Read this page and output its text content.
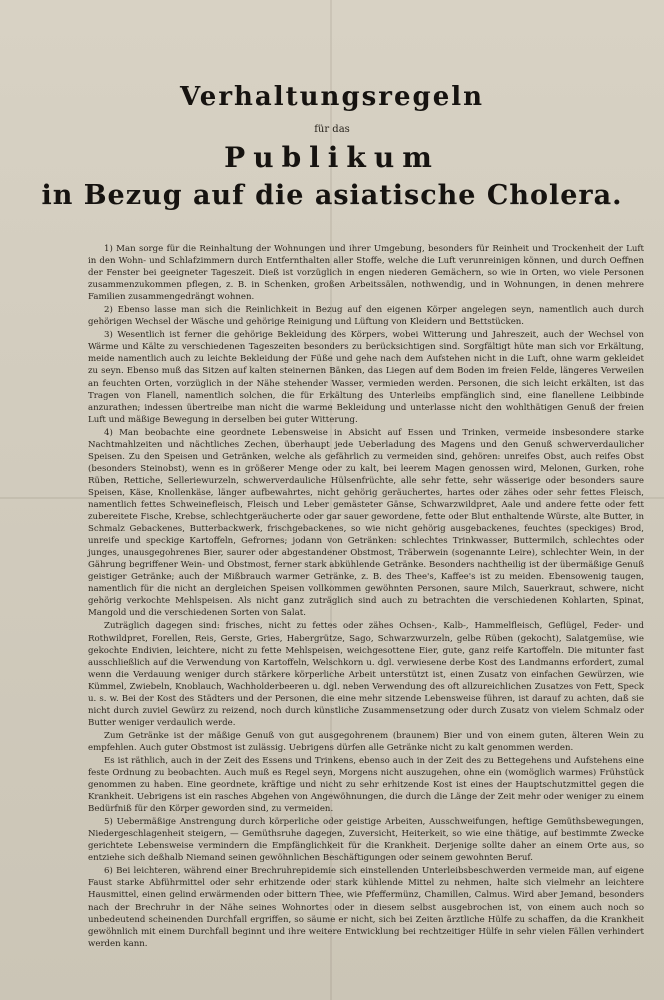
Verhaltungsregeln
für das
Publikum
in Bezug auf die asiatische Cholera.

1) Man sorge für die Reinhaltung der Wohnungen und ihrer Umgebung, besonders für Reinheit und Trockenheit der Luft in den Wohn- und Schlafzimmern durch Entfernthalten aller Stoffe, welche die Luft verunreinigen können, und durch Oeffnen der Fenster bei geeigneter Tageszeit. Dieß ist vorzüglich in engen niederen Gemächern, so wie in Orten, wo viele Personen zusammenzukommen pflegen, z. B. in Schenken, großen Arbeitssälen, nothwendig, und in Wohnungen, in denen mehrere Familien zusammengedrängt wohnen.

2) Ebenso lasse man sich die Reinlichkeit in Bezug auf den eigenen Körper angelegen seyn, namentlich auch durch gehörigen Wechsel der Wäsche und gehörige Reinigung und Lüftung von Kleidern und Bettstücken.

3) Wesentlich ist ferner die gehörige Bekleidung des Körpers, wobei Witterung und Jahreszeit, auch der Wechsel von Wärme und Kälte zu verschiedenen Tageszeiten besonders zu berücksichtigen sind. Sorgfältigt hüte man sich vor Erkältung, meide namentlich auch zu leichte Bekleidung der Füße und gehe nach dem Aufstehen nicht in die Luft, ohne warm gekleidet zu seyn. Ebenso muß das Sitzen auf kalten steinernen Bänken, das Liegen auf dem Boden im freien Felde, längeres Verweilen an feuchten Orten, vorzüglich in der Nähe stehender Wasser, vermieden werden. Personen, die sich leicht erkälten, ist das Tragen von Flanell, namentlich solchen, die für Erkältung des Unterleibs empfänglich sind, eine flanellene Leibbinde anzurathen; indessen übertreibe man nicht die warme Bekleidung und unterlasse nicht den wohlthätigen Genuß der freien Luft und mäßige Bewegung in derselben bei guter Witterung.

4) Man beobachte eine geordnete Lebensweise in Absicht auf Essen und Trinken, vermeide insbesondere starke Nachtmahlzeiten und nächtliches Zechen, überhaupt jede Ueberladung des Magens und den Genuß schwerverdaulicher Speisen. Zu den Speisen und Getränken, welche als gefährlich zu vermeiden sind, gehören: unreifes Obst, auch reifes Obst (besonders Steinobst), wenn es in größerer Menge oder zu kalt, bei leerem Magen genossen wird, Melonen, Gurken, rohe Rüben, Rettiche, Selleriewurzeln, schwerverdauliche Hülsenfrüchte, alle sehr fette, sehr wässerige oder besonders saure Speisen, Käse, Knollenkäse, länger aufbewahrtes, nicht gehörig geräuchertes, hartes oder zähes oder sehr fettes Fleisch, namentlich fettes Schweinefleisch, Fleisch und Leber gemästeter Gänse, Schwarzwildpret, Aale und andere fette oder fett zubereitete Fische, Krebse, schlechtgeräucherte oder gar sauer gewordene, fette oder Blut enthaltende Würste, alte Butter, in Schmalz Gebackenes, Butterbackwerk, frischgebackenes, so wie nicht gehörig ausgebackenes, feuchtes (speckiges) Brod, unreife und speckige Kartoffeln, Gefrornes; jodann von Getränken: schlechtes Trinkwasser, Buttermilch, schlechtes oder junges, unausgegohrenes Bier, saurer oder abgestandener Obstmost, Träberwein (sogenannte Leire), schlechter Wein, in der Gährung begriffener Wein- und Obstmost, ferner stark abkühlende Getränke. Besonders nachtheilig ist der übermäßige Genuß geistiger Getränke; auch der Mißbrauch warmer Getränke, z. B. des Thee's, Kaffee's ist zu meiden. Ebensowenig taugen, namentlich für die nicht an dergleichen Speisen vollkommen gewöhnten Personen, saure Milch, Sauerkraut, schwere, nicht gehörig verkochte Mehlspeisen. Als nicht ganz zuträglich sind auch zu betrachten die verschiedenen Kohlarten, Spinat, Mangold und die verschiedenen Sorten von Salat.

Zuträglich dagegen sind: frisches, nicht zu fettes oder zähes Ochsen-, Kalb-, Hammelfleisch, Geflügel, Feder- und Rothwildpret, Forellen, Reis, Gerste, Gries, Habergrütze, Sago, Schwarzwurzeln, gelbe Rüben (gekocht), Salatgemüse, wie gekochte Endivien, leichtere, nicht zu fette Mehlspeisen, weichgesottene Eier, gute, ganz reife Kartoffeln. Die mitunter fast ausschließlich auf die Verwendung von Kartoffeln, Welschkorn u. dgl. verwiesene derbe Kost des Landmanns erfordert, zumal wenn die Verdauung weniger durch stärkere körperliche Arbeit unterstützt ist, einen Zusatz von einfachen Gewürzen, wie Kümmel, Zwiebeln, Knoblauch, Wachholderbeeren u. dgl. neben Verwendung des oft allzureichlichen Zusatzes von Fett, Speck u. s. w. Bei der Kost des Städters und der Personen, die eine mehr sitzende Lebensweise führen, ist darauf zu achten, daß sie nicht durch zuviel Gewürz zu reizend, noch durch künstliche Zusammensetzung oder durch Zusatz von vielem Schmalz oder Butter weniger verdaulich werde.

Zum Getränke ist der mäßige Genuß von gut ausgegohrenem (braunem) Bier und von einem guten, älteren Wein zu empfehlen. Auch guter Obstmost ist zulässig. Uebrigens dürfen alle Getränke nicht zu kalt genommen werden.

Es ist räthlich, auch in der Zeit des Essens und Trinkens, ebenso auch in der Zeit des zu Bettegehens und Aufstehens eine feste Ordnung zu beobachten. Auch muß es Regel seyn, Morgens nicht auszugehen, ohne ein (womöglich warmes) Frühstück genommen zu haben. Eine geordnete, kräftige und nicht zu sehr erhitzende Kost ist eines der Hauptschutzmittel gegen die Krankheit. Uebrigens ist ein rasches Abgehen von Angewöhnungen, die durch die Länge der Zeit mehr oder weniger zu einem Bedürfniß für den Körper geworden sind, zu vermeiden.

5) Uebermäßige Anstrengung durch körperliche oder geistige Arbeiten, Ausschweifungen, heftige Gemüthsbewegungen, Niedergeschlagenheit steigern, — Gemüthsruhe dagegen, Zuversicht, Heiterkeit, so wie eine thätige, auf bestimmte Zwecke gerichtete Lebensweise vermindern die Empfänglichkeit für die Krankheit. Derjenige sollte daher an einem Orte aus, so entziehe sich deßhalb Niemand seinen gewöhnlichen Beschäftigungen oder seinem gewohnten Beruf.

6) Bei leichteren, während einer Brechruhrepidemie sich einstellenden Unterleibsbeschwerden vermeide man, auf eigene Faust starke Abführmittel oder sehr erhitzende oder stark kühlende Mittel zu nehmen, halte sich vielmehr an leichtere Hausmittel, einen gelind erwärmenden oder bittern Thee, wie Pfeffermünz, Chamillen, Calmus. Wird aber Jemand, besonders nach der Brechruhr in der Nähe seines Wohnortes oder in diesem selbst ausgebrochen ist, von einem auch noch so unbedeutend scheinenden Durchfall ergriffen, so säume er nicht, sich bei Zeiten ärztliche Hülfe zu schaffen, da die Krankheit gewöhnlich mit einem Durchfall beginnt und ihre weitere Entwicklung bei rechtzeitiger Hülfe in sehr vielen Fällen verhindert werden kann.
